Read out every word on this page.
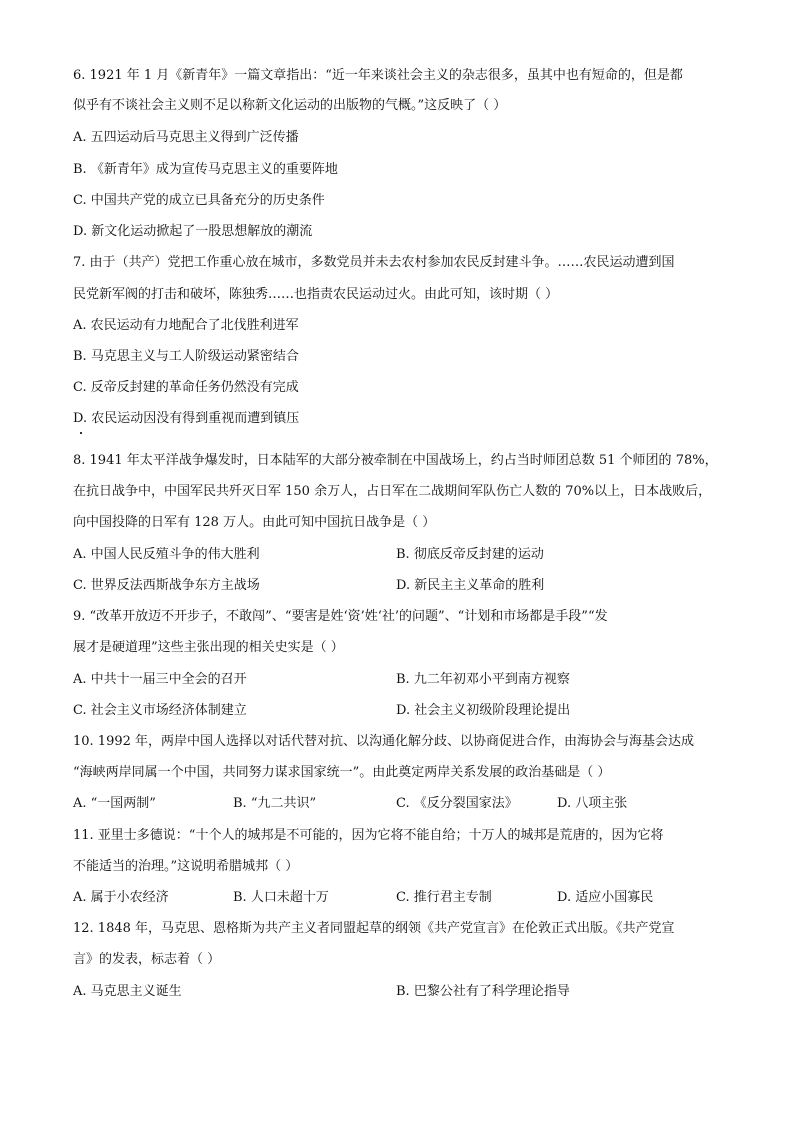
6. 1921 年 1 月《新青年》一篇文章指出：“近一年来谈社会主义的杂志很多，虽其中也有短命的，但是都
似乎有不谈社会主义则不足以称新文化运动的出版物的气概。”这反映了（ ）
A. 五四运动后马克思主义得到广泛传播
B. 《新青年》成为宣传马克思主义的重要阵地
C. 中国共产党的成立已具备充分的历史条件
D. 新文化运动掀起了一股思想解放的潮流
7. 由于（共产）党把工作重心放在城市，多数党员并未去农村参加农民反封建斗争。……农民运动遭到国
民党新军阀的打击和破坏，陈独秀……也指责农民运动过火。由此可知，该时期（ ）
A. 农民运动有力地配合了北伐胜利进军
B. 马克思主义与工人阶级运动紧密结合
C. 反帝反封建的革命任务仍然没有完成
D. 农民运动因没有得到重视而遭到镇压
8. 1941 年太平洋战争爆发时，日本陆军的大部分被牵制在中国战场上，约占当时师团总数 51 个师团的 78%，
在抗日战争中，中国军民共歼灭日军 150 余万人，占日军在二战期间军队伤亡人数的 70%以上，日本战败后，
向中国投降的日军有 128 万人。由此可知中国抗日战争是（ ）
A. 中国人民反殖斗争的伟大胜利	B. 彻底反帝反封建的运动
C. 世界反法西斯战争东方主战场	D. 新民主主义革命的胜利
9. “改革开放迈不开步子，不敢闯”、“要害是姓‘资’姓‘社’的问题”、“计划和市场都是手段”“发
展才是硬道理”这些主张出现的相关史实是（ ）
A. 中共十一届三中全会的召开	B. 九二年初邓小平到南方视察
C. 社会主义市场经济体制建立	D. 社会主义初级阶段理论提出
10. 1992 年，两岸中国人选择以对话代替对抗、以沟通化解分歧、以协商促进合作，由海协会与海基会达成
“海峡两岸同属一个中国，共同努力谋求国家统一”。由此奠定两岸关系发展的政治基础是（ ）
A. “一国两制”	B. “九二共识”	C. 《反分裂国家法》	D. 八项主张
11. 亚里士多德说：“十个人的城邦是不可能的，因为它将不能自给；十万人的城邦是荒唐的，因为它将
不能适当的治理。”这说明希腊城邦（ ）
A. 属于小农经济	B. 人口未超十万	C. 推行君主专制	D. 适应小国寡民
12. 1848 年，马克思、恩格斯为共产主义者同盟起草的纲领《共产党宣言》在伦敦正式出版。《共产党宣
言》的发表，标志着（ ）
A. 马克思主义诞生	B. 巴黎公社有了科学理论指导
